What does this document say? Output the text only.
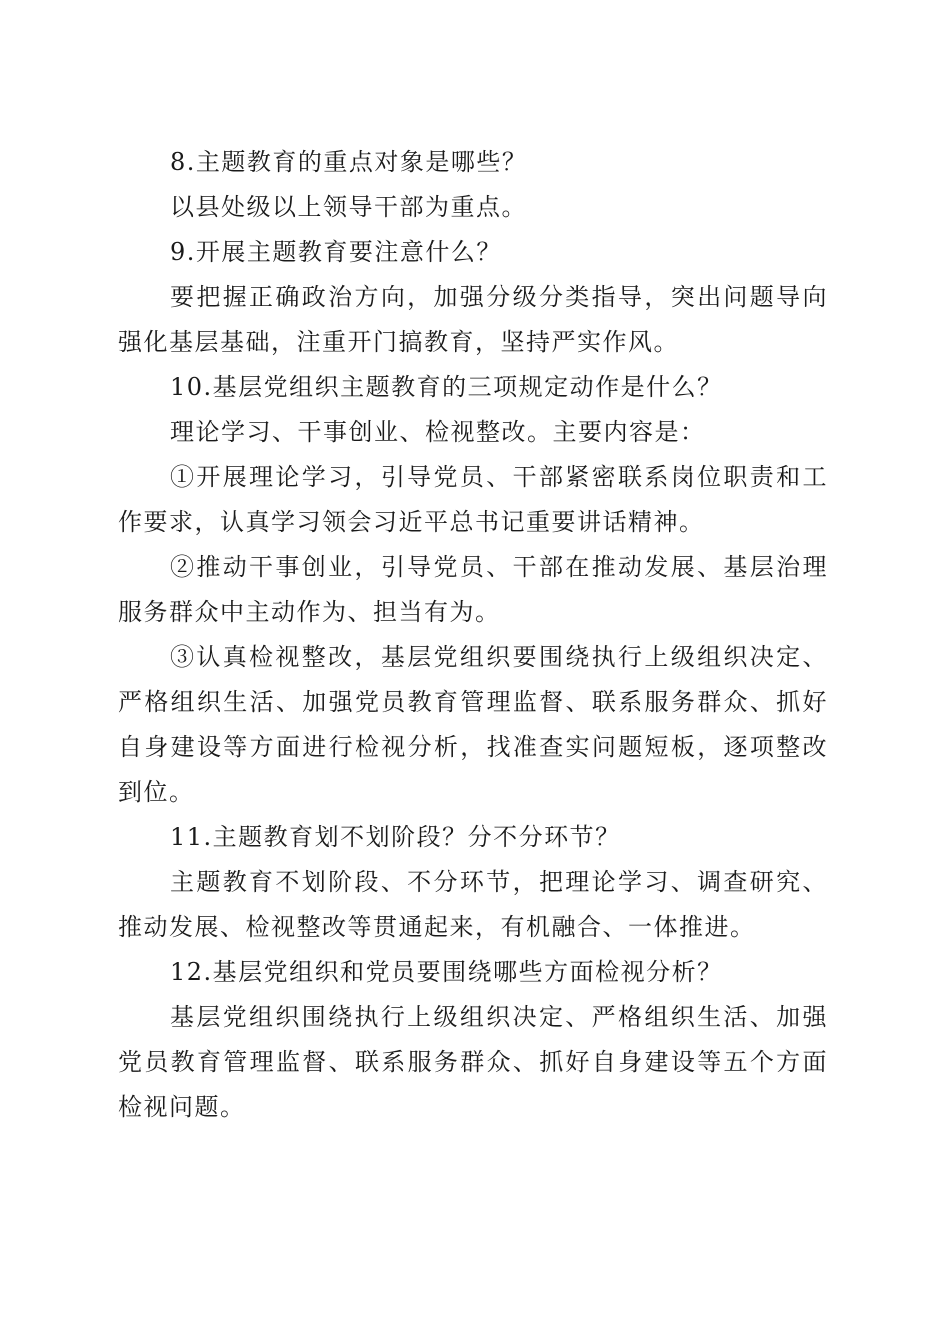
8.主题教育的重点对象是哪些？

以县处级以上领导干部为重点。

9.开展主题教育要注意什么？

要把握正确政治方向，加强分级分类指导，突出问题导向强化基层基础，注重开门搞教育，坚持严实作风。

10.基层党组织主题教育的三项规定动作是什么？

理论学习、干事创业、检视整改。主要内容是：

①开展理论学习，引导党员、干部紧密联系岗位职责和工作要求，认真学习领会习近平总书记重要讲话精神。

②推动干事创业，引导党员、干部在推动发展、基层治理服务群众中主动作为、担当有为。

③认真检视整改，基层党组织要围绕执行上级组织决定、严格组织生活、加强党员教育管理监督、联系服务群众、抓好自身建设等方面进行检视分析，找准查实问题短板，逐项整改到位。

11.主题教育划不划阶段？分不分环节？

主题教育不划阶段、不分环节，把理论学习、调查研究、推动发展、检视整改等贯通起来，有机融合、一体推进。

12.基层党组织和党员要围绕哪些方面检视分析？

基层党组织围绕执行上级组织决定、严格组织生活、加强党员教育管理监督、联系服务群众、抓好自身建设等五个方面检视问题。
